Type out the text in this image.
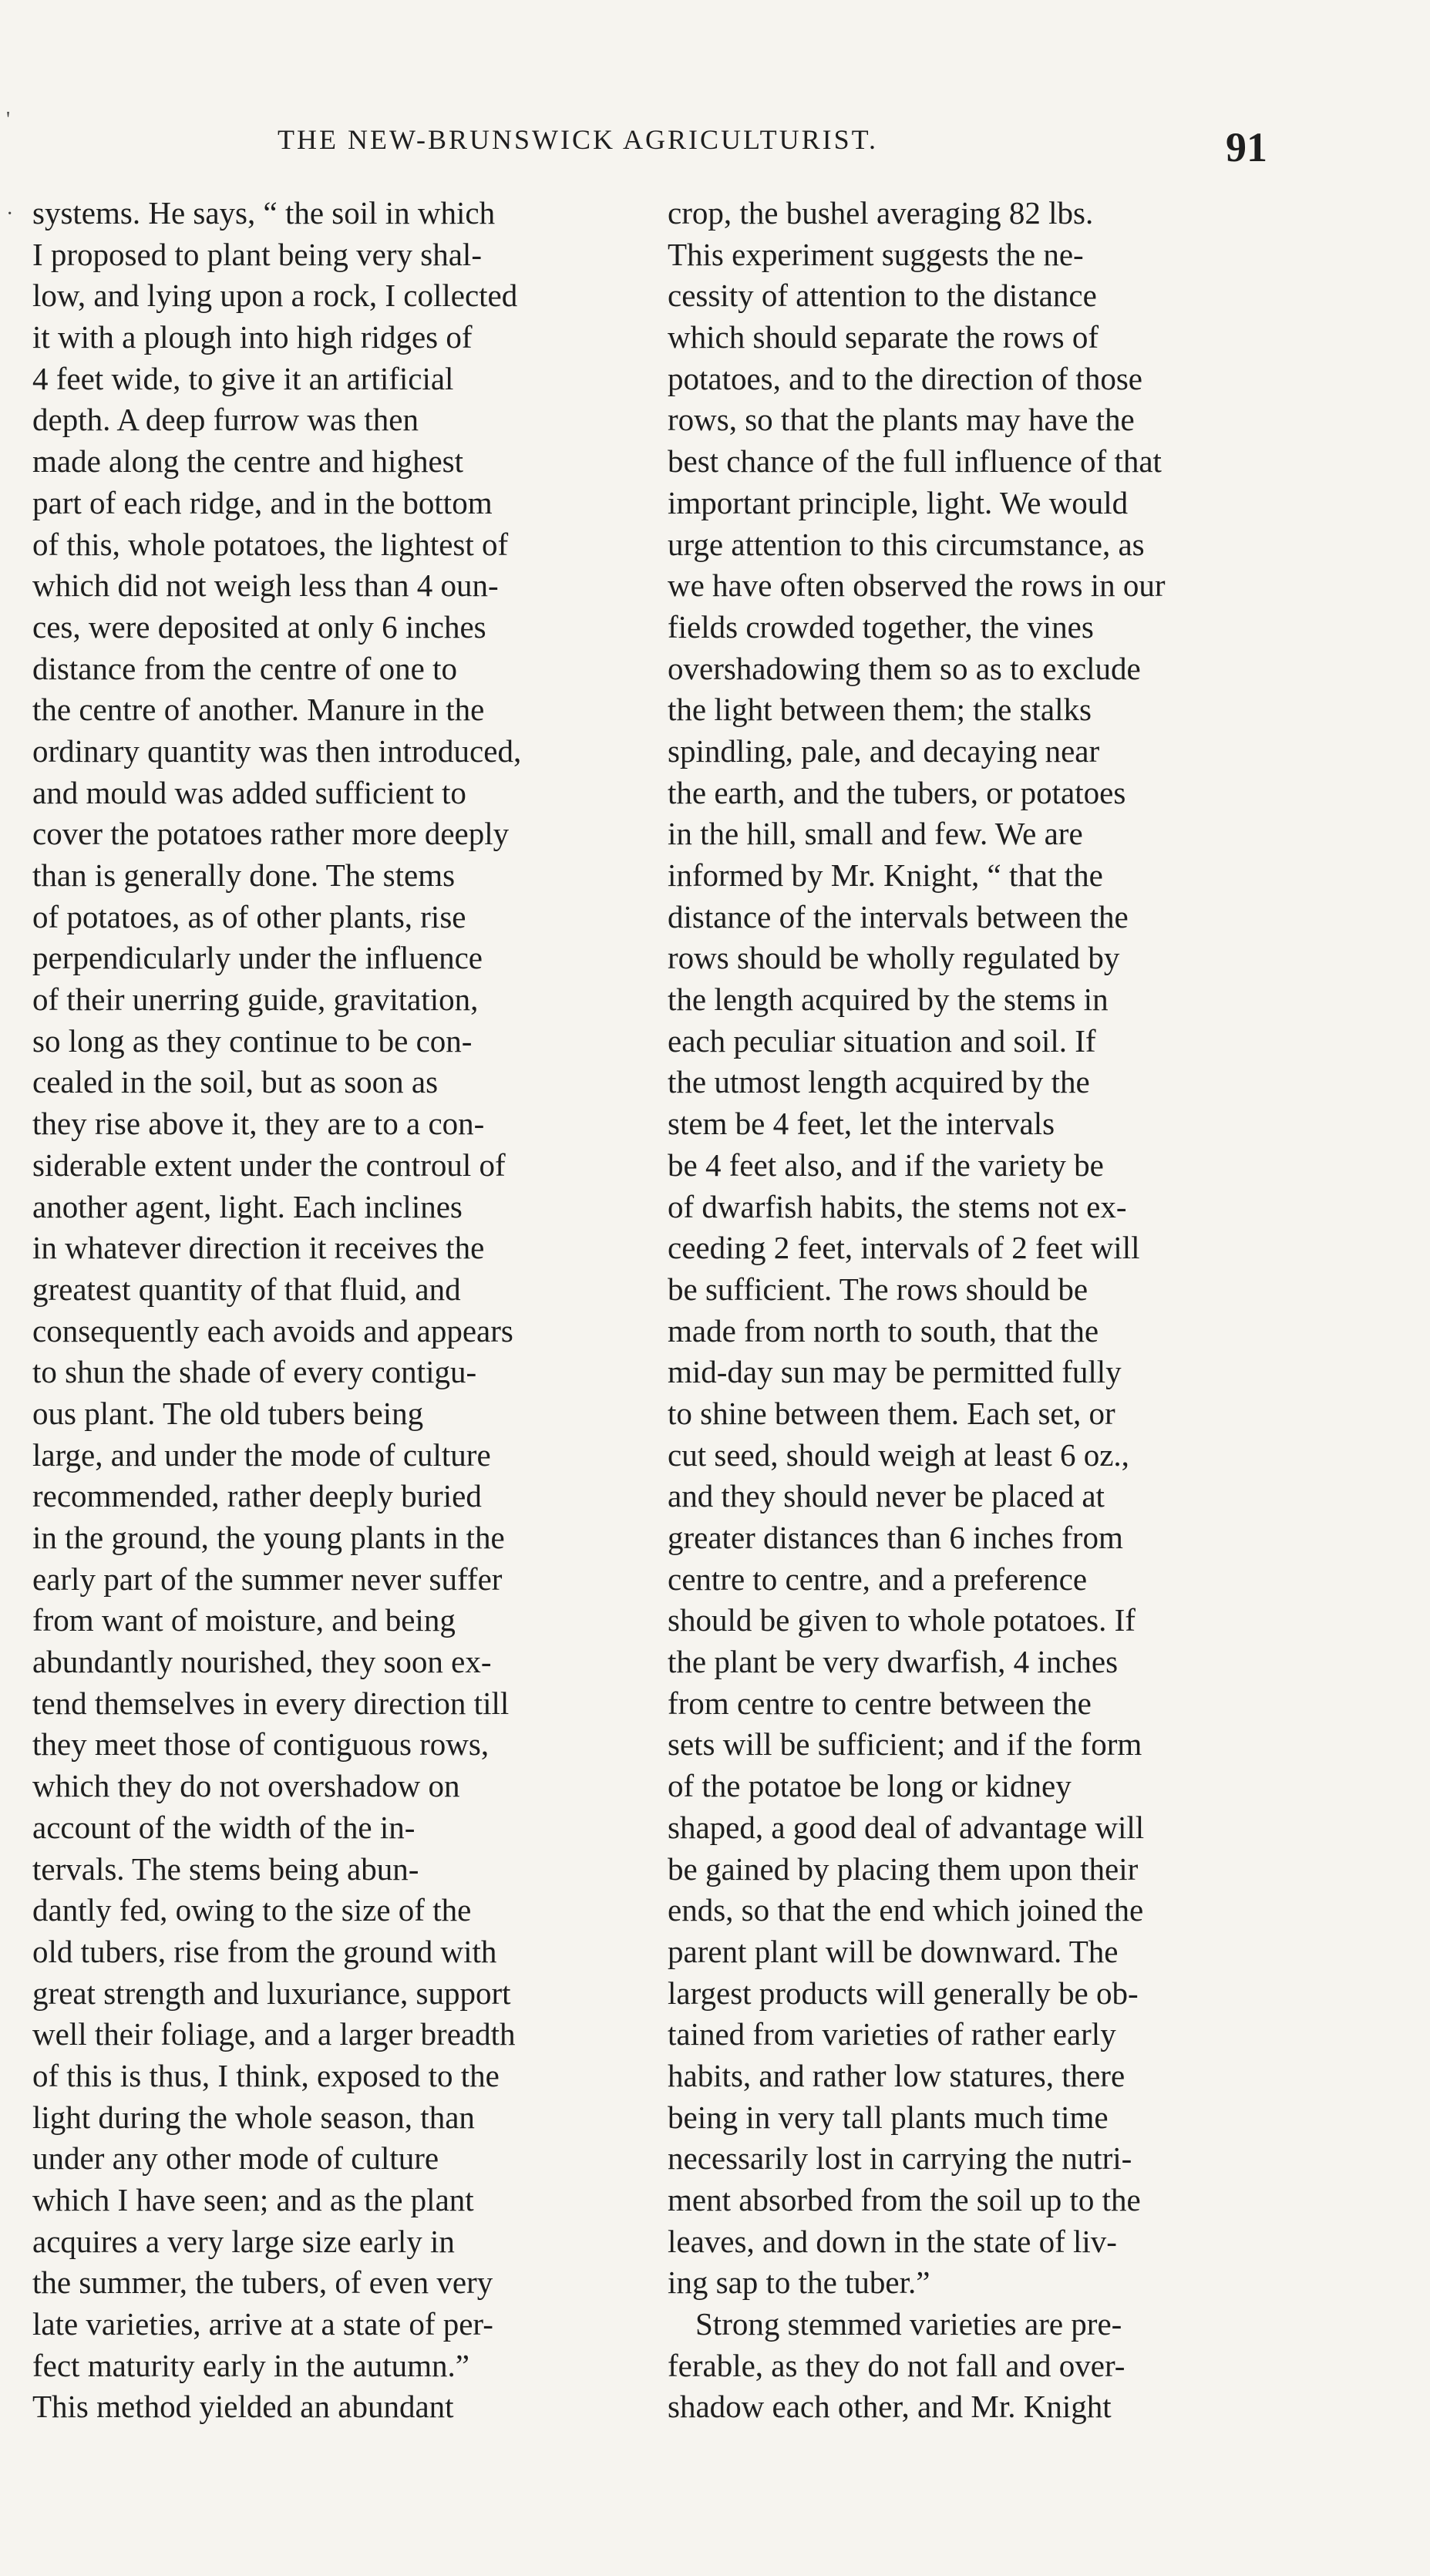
THE NEW-BRUNSWICK AGRICULTURIST.	91
'
· systems. He says, “ the soil in which
I proposed to plant being very shal-
low, and lying upon a rock, I collected
it with a plough into high ridges of
4 feet wide, to give it an artificial
depth. A deep furrow was then
made along the centre and highest
part of each ridge, and in the bottom
of this, whole potatoes, the lightest of
which did not weigh less than 4 oun-
ces, were deposited at only 6 inches
distance from the centre of one to
the centre of another. Manure in the
ordinary quantity was then introduced,
and mould was added sufficient to
cover the potatoes rather more deeply
than is generally done. The stems
of potatoes, as of other plants, rise
perpendicularly under the influence
of their unerring guide, gravitation,
so long as they continue to be con-
cealed in the soil, but as soon as
they rise above it, they are to a con-
siderable extent under the controul of
another agent, light. Each inclines
in whatever direction it receives the
greatest quantity of that fluid, and
consequently each avoids and appears
to shun the shade of every contigu-
ous plant. The old tubers being
large, and under the mode of culture
recommended, rather deeply buried
in the ground, the young plants in the
early part of the summer never suffer
from want of moisture, and being
abundantly nourished, they soon ex-
tend themselves in every direction till
they meet those of contiguous rows,
which they do not overshadow on
account of the width of the in-
tervals. The stems being abun-
dantly fed, owing to the size of the
old tubers, rise from the ground with
great strength and luxuriance, support
well their foliage, and a larger breadth
of this is thus, I think, exposed to the
light during the whole season, than
under any other mode of culture
which I have seen; and as the plant
acquires a very large size early in
the summer, the tubers, of even very
late varieties, arrive at a state of per-
fect maturity early in the autumn.”
This method yielded an abundant
crop, the bushel averaging 82 lbs.
This experiment suggests the ne-
cessity of attention to the distance
which should separate the rows of
potatoes, and to the direction of those
rows, so that the plants may have the
best chance of the full influence of that
important principle, light. We would
urge attention to this circumstance, as
we have often observed the rows in our
fields crowded together, the vines
overshadowing them so as to exclude
the light between them; the stalks
spindling, pale, and decaying near
the earth, and the tubers, or potatoes
in the hill, small and few. We are
informed by Mr. Knight, “ that the
distance of the intervals between the
rows should be wholly regulated by
the length acquired by the stems in
each peculiar situation and soil. If
the utmost length acquired by the
stem be 4 feet, let the intervals
be 4 feet also, and if the variety be
of dwarfish habits, the stems not ex-
ceeding 2 feet, intervals of 2 feet will
be sufficient. The rows should be
made from north to south, that the
mid-day sun may be permitted fully
to shine between them. Each set, or
cut seed, should weigh at least 6 oz.,
and they should never be placed at
greater distances than 6 inches from
centre to centre, and a preference
should be given to whole potatoes. If
the plant be very dwarfish, 4 inches
from centre to centre between the
sets will be sufficient; and if the form
of the potatoe be long or kidney
shaped, a good deal of advantage will
be gained by placing them upon their
ends, so that the end which joined the
parent plant will be downward. The
largest products will generally be ob-
tained from varieties of rather early
habits, and rather low statures, there
being in very tall plants much time
necessarily lost in carrying the nutri-
ment absorbed from the soil up to the
leaves, and down in the state of liv-
ing sap to the tuber.”
Strong stemmed varieties are pre-
ferable, as they do not fall and over-
shadow each other, and Mr. Knight
